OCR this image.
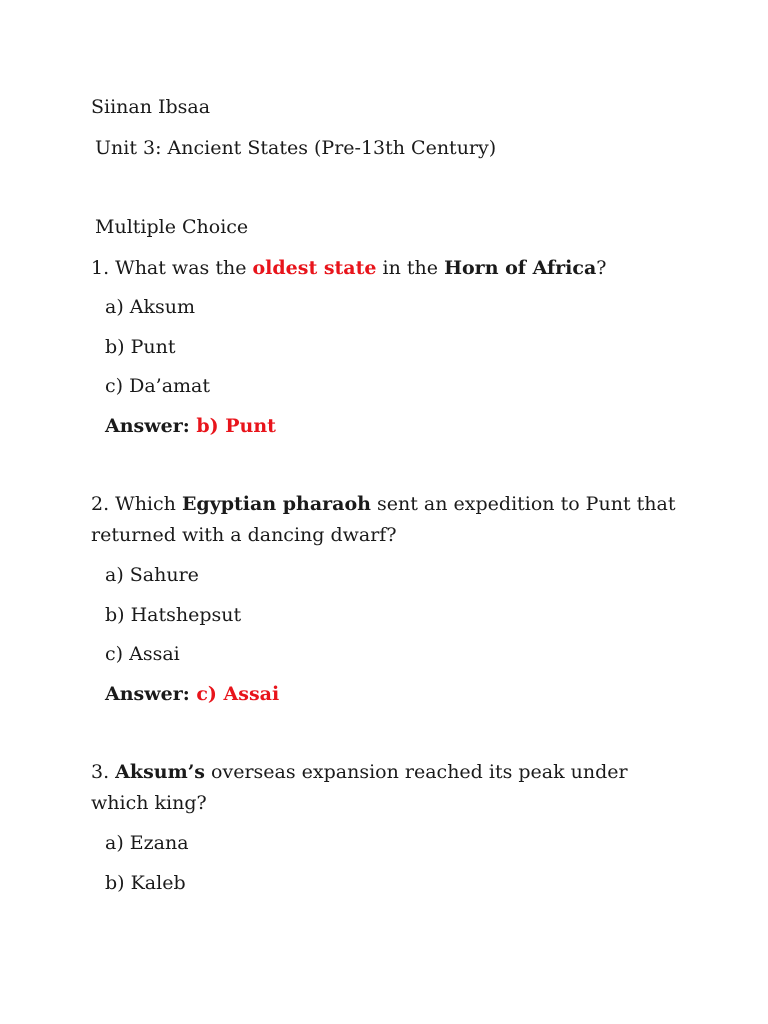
Siinan Ibsaa
Unit 3: Ancient States (Pre-13th Century)
Multiple Choice
1. What was the oldest state in the Horn of Africa?
a) Aksum
b) Punt
c) Da’amat
Answer: b) Punt
2. Which Egyptian pharaoh sent an expedition to Punt that returned with a dancing dwarf?
a) Sahure
b) Hatshepsut
c) Assai
Answer: c) Assai
3. Aksum’s overseas expansion reached its peak under which king?
a) Ezana
b) Kaleb
